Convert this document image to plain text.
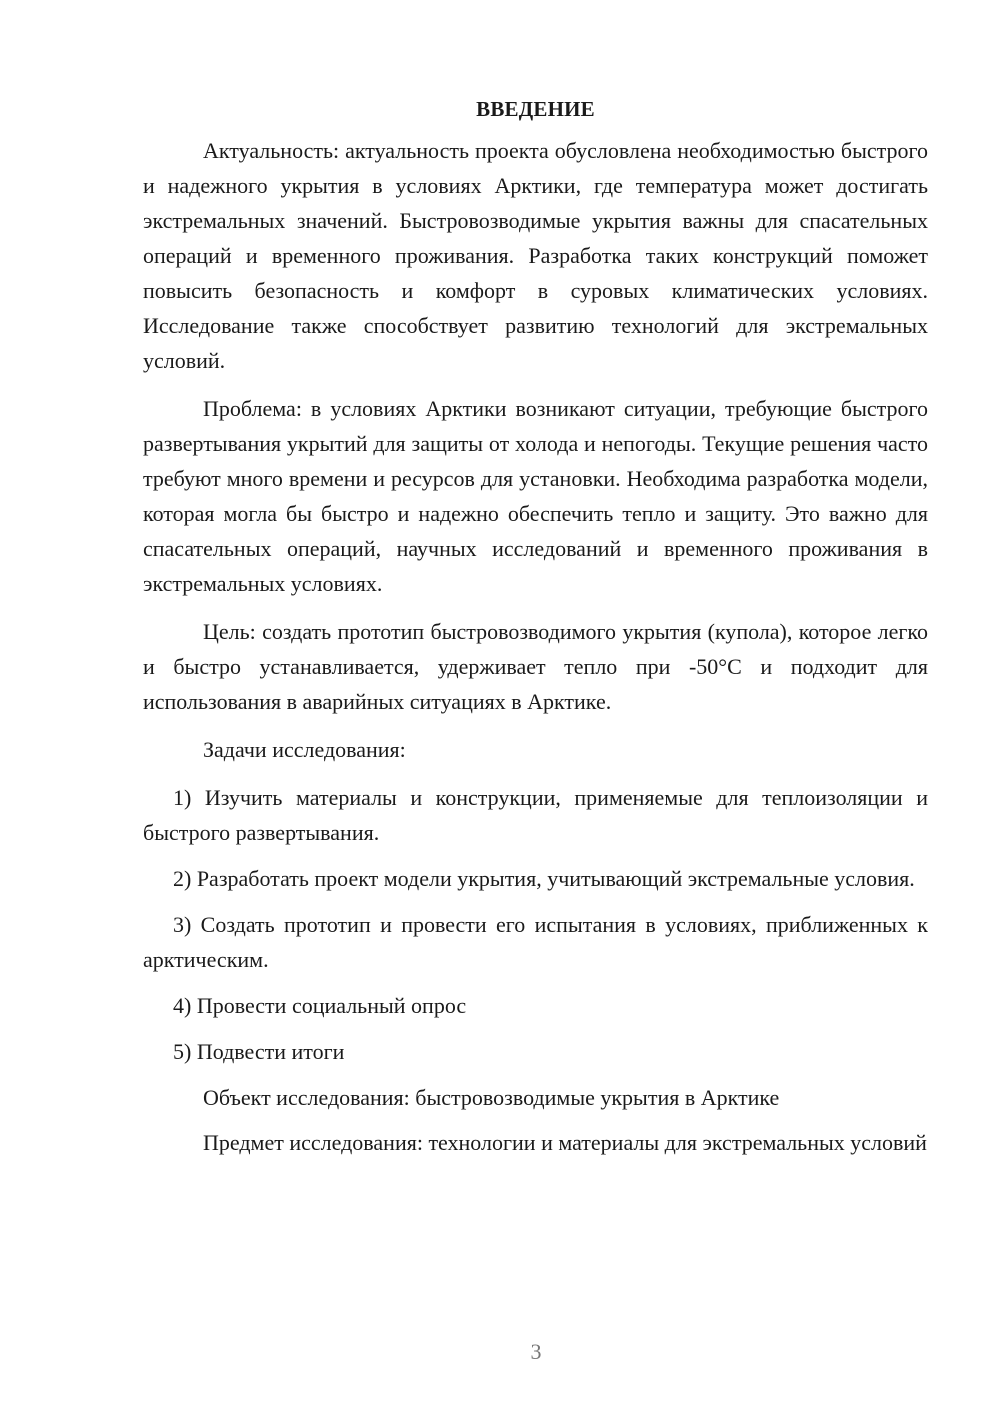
ВВЕДЕНИЕ

Актуальность: актуальность проекта обусловлена необходимостью быстрого и надежного укрытия в условиях Арктики, где температура может достигать экстремальных значений. Быстровозводимые укрытия важны для спасательных операций и временного проживания. Разработка таких конструкций поможет повысить безопасность и комфорт в суровых климатических условиях. Исследование также способствует развитию технологий для экстремальных условий.

Проблема: в условиях Арктики возникают ситуации, требующие быстрого развертывания укрытий для защиты от холода и непогоды. Текущие решения часто требуют много времени и ресурсов для установки. Необходима разработка модели, которая могла бы быстро и надежно обеспечить тепло и защиту. Это важно для спасательных операций, научных исследований и временного проживания в экстремальных условиях.

Цель: создать прототип быстровозводимого укрытия (купола), которое легко и быстро устанавливается, удерживает тепло при -50°C и подходит для использования в аварийных ситуациях в Арктике.

Задачи исследования:

1) Изучить материалы и конструкции, применяемые для теплоизоляции и быстрого развертывания.

2) Разработать проект модели укрытия, учитывающий экстремальные условия.

3) Создать прототип и провести его испытания в условиях, приближенных к арктическим.

4) Провести социальный опрос

5) Подвести итоги

Объект исследования: быстровозводимые укрытия в Арктике

Предмет исследования: технологии и материалы для экстремальных условий

3
